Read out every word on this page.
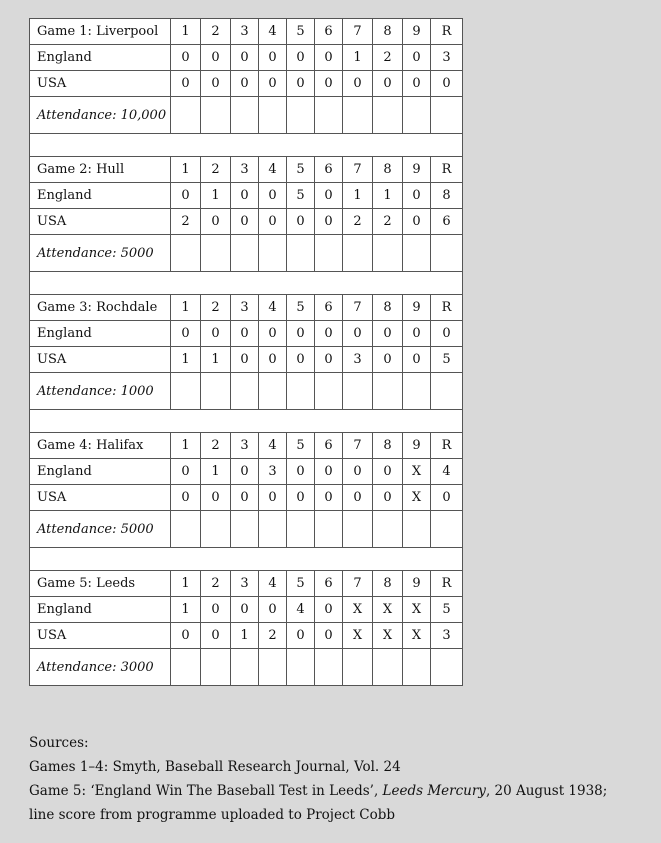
Game 1: Liverpool	1	2	3	4	5	6	7	8	9	R
England	0	0	0	0	0	0	1	2	0	3
USA	0	0	0	0	0	0	0	0	0	0
Attendance: 10,000										

Game 2: Hull	1	2	3	4	5	6	7	8	9	R
England	0	1	0	0	5	0	1	1	0	8
USA	2	0	0	0	0	0	2	2	0	6
Attendance: 5000										

Game 3: Rochdale	1	2	3	4	5	6	7	8	9	R
England	0	0	0	0	0	0	0	0	0	0
USA	1	1	0	0	0	0	3	0	0	5
Attendance: 1000										

Game 4: Halifax	1	2	3	4	5	6	7	8	9	R
England	0	1	0	3	0	0	0	0	X	4
USA	0	0	0	0	0	0	0	0	X	0
Attendance: 5000										

Game 5: Leeds	1	2	3	4	5	6	7	8	9	R
England	1	0	0	0	4	0	X	X	X	5
USA	0	0	1	2	0	0	X	X	X	3
Attendance: 3000										

Sources:

Games 1–4: Smyth, Baseball Research Journal, Vol. 24

Game 5: ‘England Win The Baseball Test in Leeds’, Leeds Mercury, 20 August 1938; line score from programme uploaded to Project Cobb
